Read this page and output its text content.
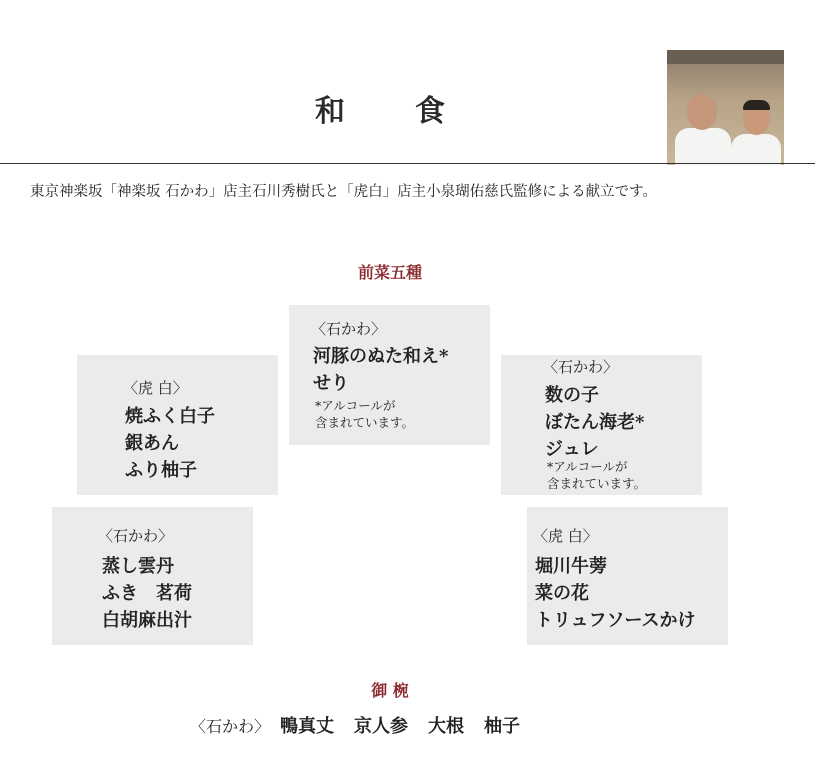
和　食
東京神楽坂「神楽坂 石かわ」店主石川秀樹氏と「虎白」店主小泉瑚佑慈氏監修による献立です。
前菜五種
〈石かわ〉
河豚のぬた和え*
せり
*アルコールが
含まれています。
〈虎 白〉
焼ふく白子
銀あん
ふり柚子
〈石かわ〉
数の子
ぼたん海老*
ジュレ
*アルコールが
含まれています。
〈石かわ〉
蒸し雲丹
ふき　茗荷
白胡麻出汁
〈虎 白〉
堀川牛蒡
菜の花
トリュフソースかけ
御 椀
〈石かわ〉 鴨真丈 京人参 大根 柚子
